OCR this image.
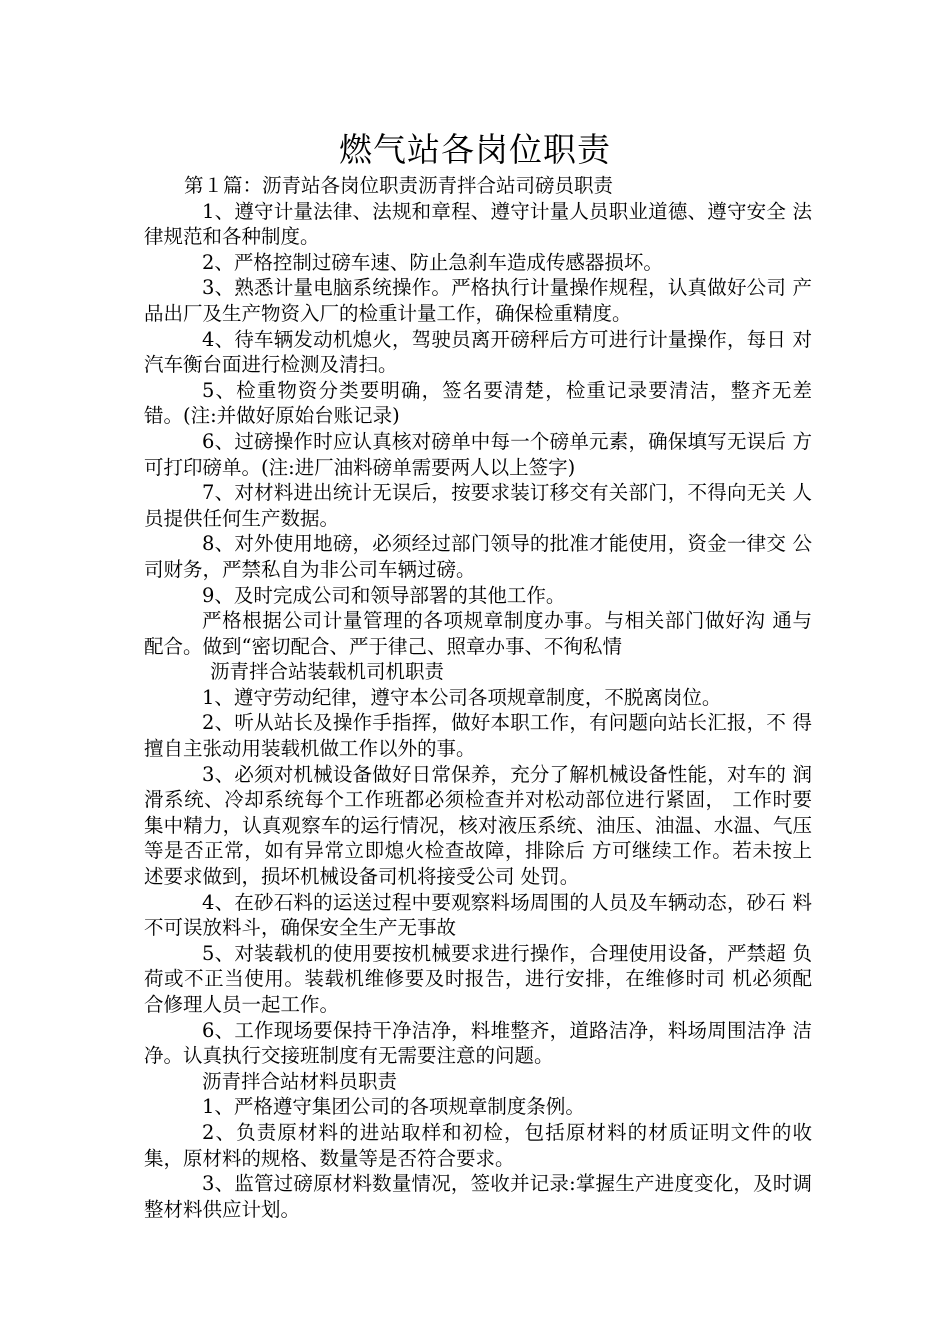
燃气站各岗位职责

第１篇：沥青站各岗位职责沥青拌合站司磅员职责

1、遵守计量法律、法规和章程、遵守计量人员职业道德、遵守安全 法律规范和各种制度。

2、严格控制过磅车速、防止急刹车造成传感器损坏。

3、熟悉计量电脑系统操作。严格执行计量操作规程，认真做好公司 产品出厂及生产物资入厂的检重计量工作，确保检重精度。

4、待车辆发动机熄火，驾驶员离开磅秤后方可进行计量操作，每日 对汽车衡台面进行检测及清扫。

5、检重物资分类要明确，签名要清楚，检重记录要清洁，整齐无差 错。(注:并做好原始台账记录)

6、过磅操作时应认真核对磅单中每一个磅单元素，确保填写无误后 方可打印磅单。(注:进厂油料磅单需要两人以上签字)

7、对材料进出统计无误后，按要求装订移交有关部门，不得向无关 人员提供任何生产数据。

8、对外使用地磅，必须经过部门领导的批准才能使用，资金一律交 公司财务，严禁私自为非公司车辆过磅。

9、及时完成公司和领导部署的其他工作。

严格根据公司计量管理的各项规章制度办事。与相关部门做好沟 通与配合。做到“密切配合、严于律己、照章办事、不徇私情

沥青拌合站装载机司机职责

1、遵守劳动纪律，遵守本公司各项规章制度，不脱离岗位。

2、听从站长及操作手指挥，做好本职工作，有问题向站长汇报，不 得擅自主张动用装载机做工作以外的事。

3、必须对机械设备做好日常保养，充分了解机械设备性能，对车的 润滑系统、冷却系统每个工作班都必须检查并对松动部位进行紧固， 工作时要集中精力，认真观察车的运行情况，核对液压系统、油压、油温、水温、气压等是否正常，如有异常立即熄火检查故障，排除后 方可继续工作。若未按上述要求做到，损坏机械设备司机将接受公司 处罚。

4、在砂石料的运送过程中要观察料场周围的人员及车辆动态，砂石 料不可误放料斗，确保安全生产无事故

5、对装载机的使用要按机械要求进行操作，合理使用设备，严禁超 负荷或不正当使用。装载机维修要及时报告，进行安排，在维修时司 机必须配合修理人员一起工作。

6、工作现场要保持干净洁净，料堆整齐，道路洁净，料场周围洁净 洁净。认真执行交接班制度有无需要注意的问题。

沥青拌合站材料员职责

1、严格遵守集团公司的各项规章制度条例。

2、负责原材料的进站取样和初检，包括原材料的材质证明文件的收集，原材料的规格、数量等是否符合要求。

3、监管过磅原材料数量情况，签收并记录:掌握生产进度变化，及时调整材料供应计划。
